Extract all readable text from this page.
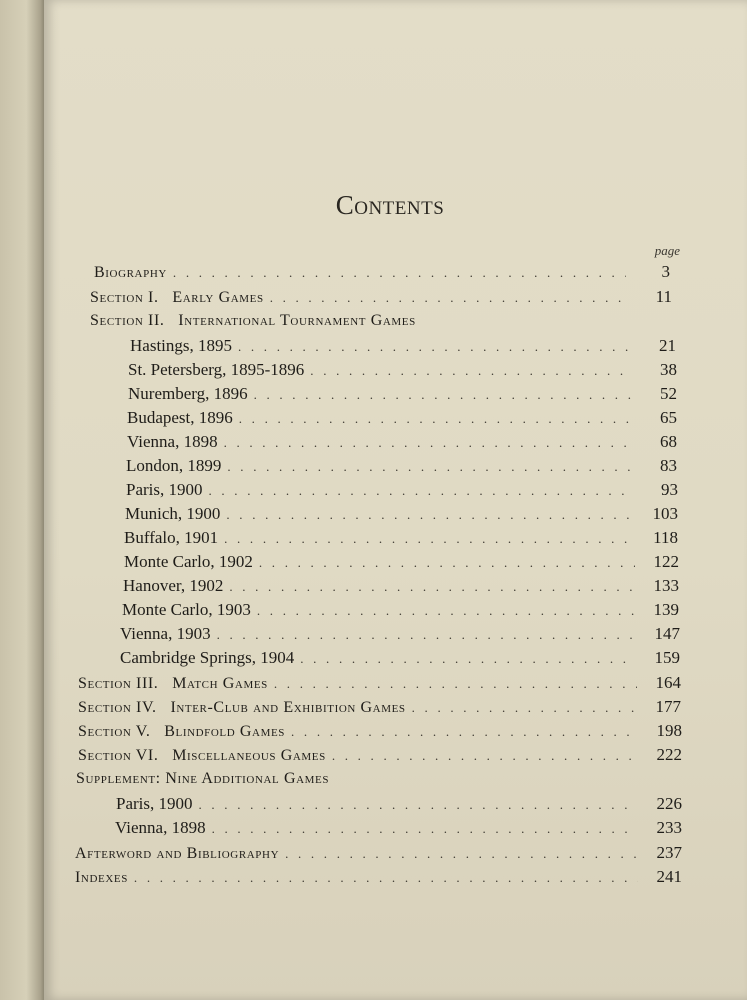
Contents
page
Biography . . .	3
Section I.   Early Games . . .	11
Section II.   International Tournament Games
Hastings, 1895 . . .	21
St. Petersberg, 1895-1896 . . .	38
Nuremberg, 1896 . . .	52
Budapest, 1896 . . .	65
Vienna, 1898 . . .	68
London, 1899 . . .	83
Paris, 1900 . . .	93
Munich, 1900 . . .	103
Buffalo, 1901 . . .	118
Monte Carlo, 1902 . . .	122
Hanover, 1902 . . .	133
Monte Carlo, 1903 . . .	139
Vienna, 1903 . . .	147
Cambridge Springs, 1904 . . .	159
Section III.   Match Games . . .	164
Section IV.   Inter-Club and Exhibition Games . . .	177
Section V.   Blindfold Games . . .	198
Section VI.   Miscellaneous Games . . .	222
Supplement: Nine Additional Games
Paris, 1900 . . .	226
Vienna, 1898 . . .	233
Afterword and Bibliography . . .	237
Indexes . . .	241
